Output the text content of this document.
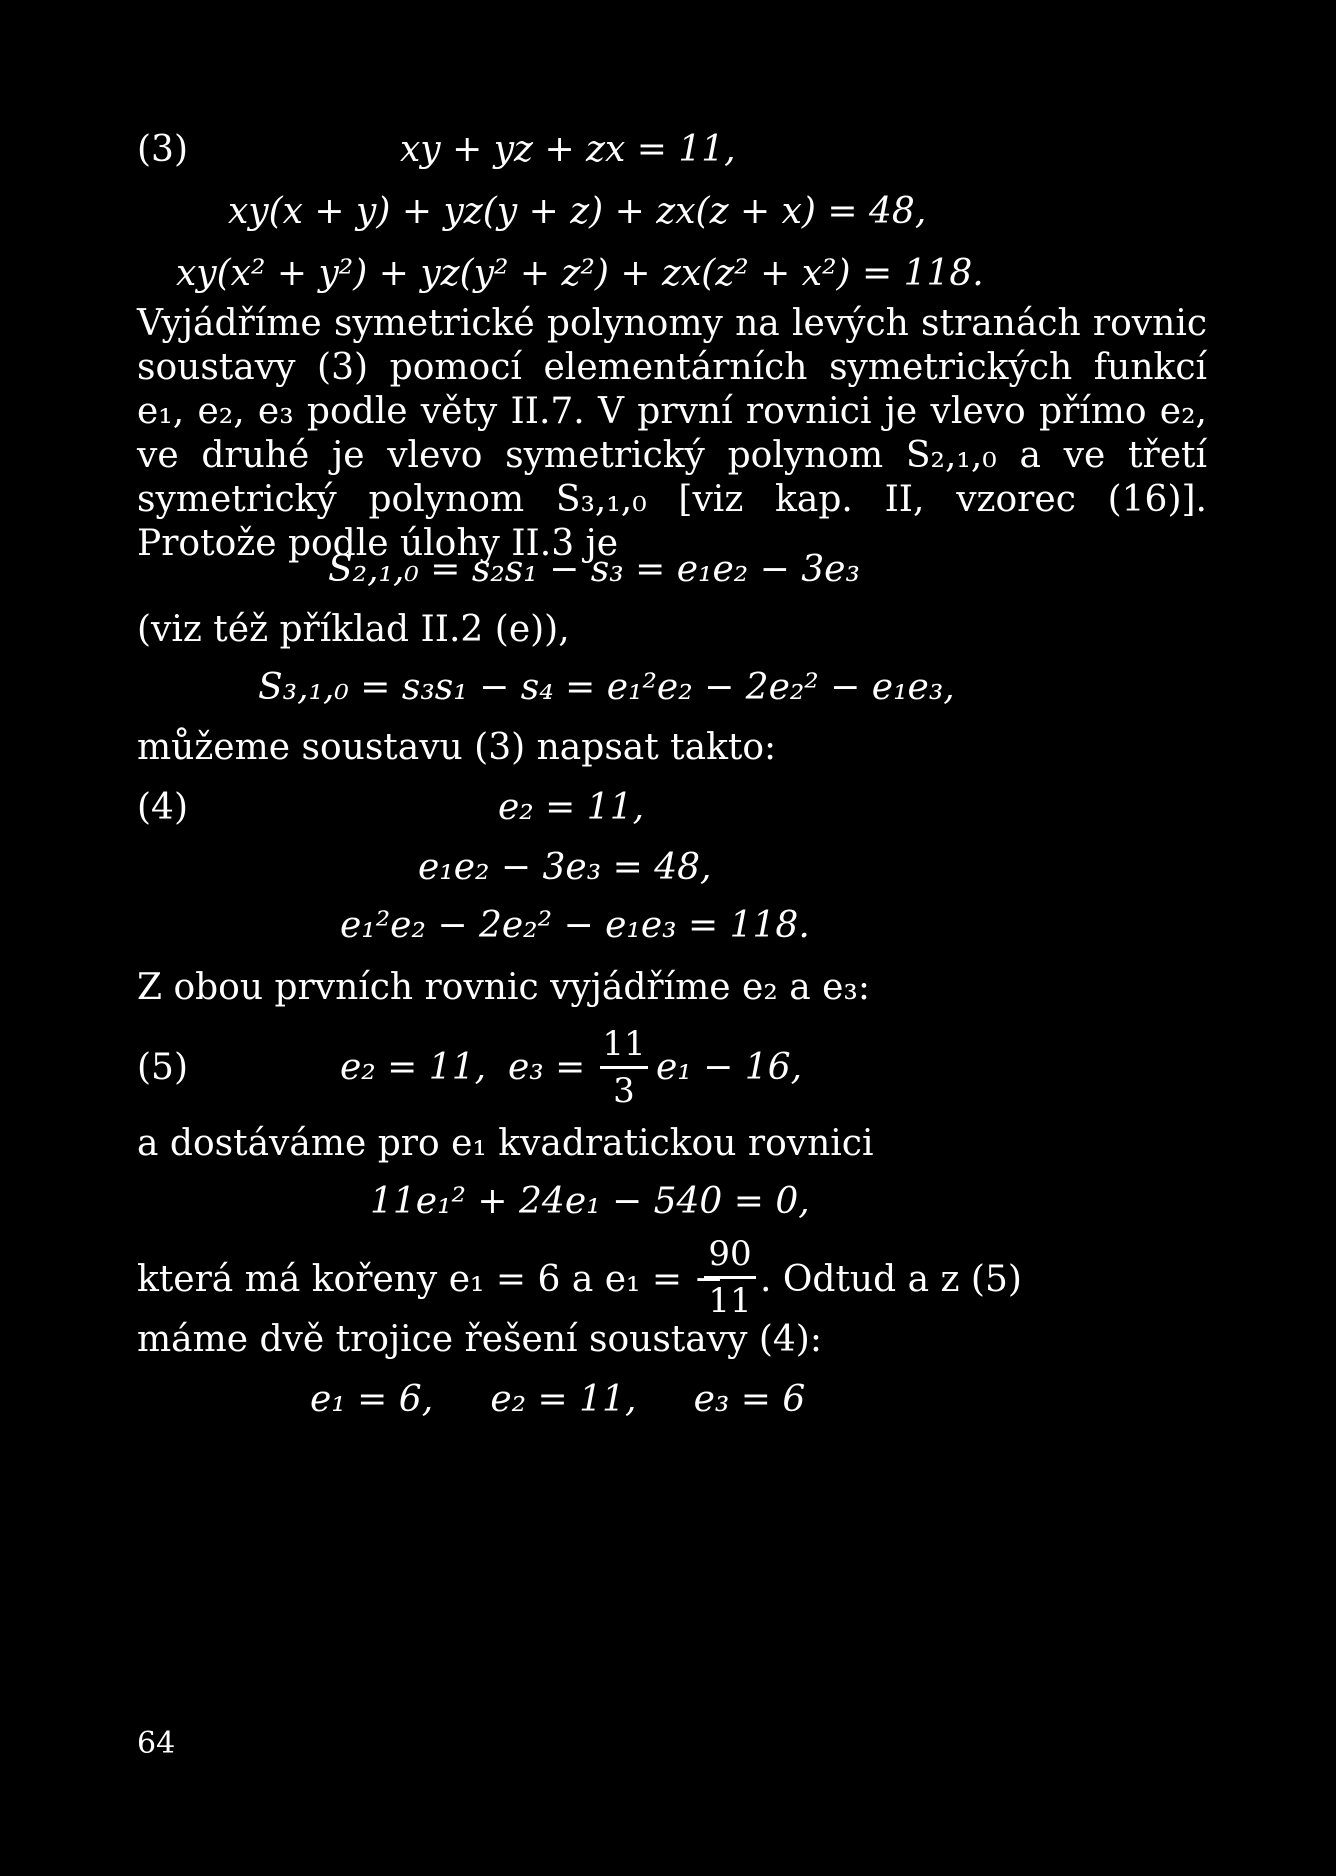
(3)	xy + yz + zx = 11,
xy(x + y) + yz(y + z) + zx(z + x) = 48,
xy(x² + y²) + yz(y² + z²) + zx(z² + x²) = 118.
Vyjádříme symetrické polynomy na levých stranách rovnic soustavy (3) pomocí elementárních symetrických funkcí e₁, e₂, e₃ podle věty II.7. V první rovnici je vlevo přímo e₂, ve druhé je vlevo symetrický polynom S₂,₁,₀ a ve třetí symetrický polynom S₃,₁,₀ [viz kap. II, vzorec (16)]. Protože podle úlohy II.3 je
S₂,₁,₀ = s₂s₁ − s₃ = e₁e₂ − 3e₃
(viz též příklad II.2 (e)),
S₃,₁,₀ = s₃s₁ − s₄ = e₁²e₂ − 2e₂² − e₁e₃,
můžeme soustavu (3) napsat takto:
(4)	e₂ = 11,
e₁e₂ − 3e₃ = 48,
e₁²e₂ − 2e₂² − e₁e₃ = 118.
Z obou prvních rovnic vyjádříme e₂ a e₃:
(5)	e₂ = 11, e₃ =
11
3
e₁ − 16,
a dostáváme pro e₁ kvadratickou rovnici
11e₁² + 24e₁ − 540 = 0,
která má kořeny e₁ = 6 a e₁ = −
90
11
. Odtud a z (5)
máme dvě trojice řešení soustavy (4):
e₁ = 6,     e₂ = 11,     e₃ = 6
64
